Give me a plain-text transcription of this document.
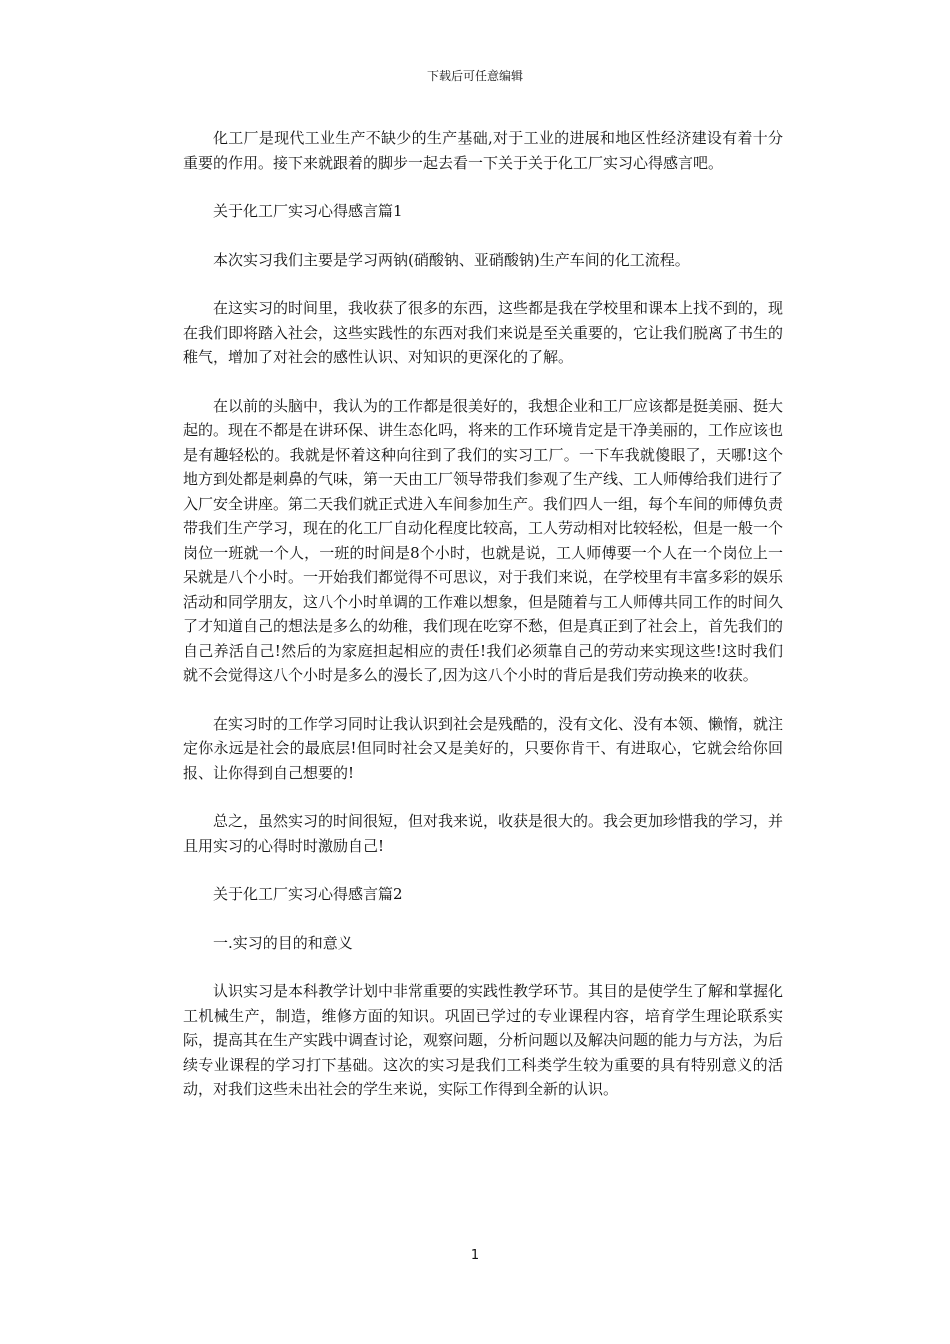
下载后可任意编辑

化工厂是现代工业生产不缺少的生产基础,对于工业的进展和地区性经济建设有着十分重要的作用。接下来就跟着的脚步一起去看一下关于关于化工厂实习心得感言吧。

关于化工厂实习心得感言篇1

本次实习我们主要是学习两钠(硝酸钠、亚硝酸钠)生产车间的化工流程。

在这实习的时间里，我收获了很多的东西，这些都是我在学校里和课本上找不到的，现在我们即将踏入社会，这些实践性的东西对我们来说是至关重要的，它让我们脱离了书生的稚气，增加了对社会的感性认识、对知识的更深化的了解。

在以前的头脑中，我认为的工作都是很美好的，我想企业和工厂应该都是挺美丽、挺大起的。现在不都是在讲环保、讲生态化吗，将来的工作环境肯定是干净美丽的，工作应该也是有趣轻松的。我就是怀着这种向往到了我们的实习工厂。一下车我就傻眼了，天哪!这个地方到处都是刺鼻的气味，第一天由工厂领导带我们参观了生产线、工人师傅给我们进行了入厂安全讲座。第二天我们就正式进入车间参加生产。我们四人一组，每个车间的师傅负责带我们生产学习，现在的化工厂自动化程度比较高，工人劳动相对比较轻松，但是一般一个岗位一班就一个人，一班的时间是8个小时，也就是说，工人师傅要一个人在一个岗位上一呆就是八个小时。一开始我们都觉得不可思议，对于我们来说，在学校里有丰富多彩的娱乐活动和同学朋友，这八个小时单调的工作难以想象，但是随着与工人师傅共同工作的时间久了才知道自己的想法是多么的幼稚，我们现在吃穿不愁，但是真正到了社会上，首先我们的自己养活自己!然后的为家庭担起相应的责任!我们必须靠自己的劳动来实现这些!这时我们就不会觉得这八个小时是多么的漫长了,因为这八个小时的背后是我们劳动换来的收获。

在实习时的工作学习同时让我认识到社会是残酷的，没有文化、没有本领、懒惰，就注定你永远是社会的最底层!但同时社会又是美好的，只要你肯干、有进取心，它就会给你回报、让你得到自己想要的!

总之，虽然实习的时间很短，但对我来说，收获是很大的。我会更加珍惜我的学习，并且用实习的心得时时激励自己!

关于化工厂实习心得感言篇2

一.实习的目的和意义

认识实习是本科教学计划中非常重要的实践性教学环节。其目的是使学生了解和掌握化工机械生产，制造，维修方面的知识。巩固已学过的专业课程内容，培育学生理论联系实际，提高其在生产实践中调查讨论，观察问题，分析问题以及解决问题的能力与方法，为后续专业课程的学习打下基础。这次的实习是我们工科类学生较为重要的具有特别意义的活动，对我们这些未出社会的学生来说，实际工作得到全新的认识。

1
